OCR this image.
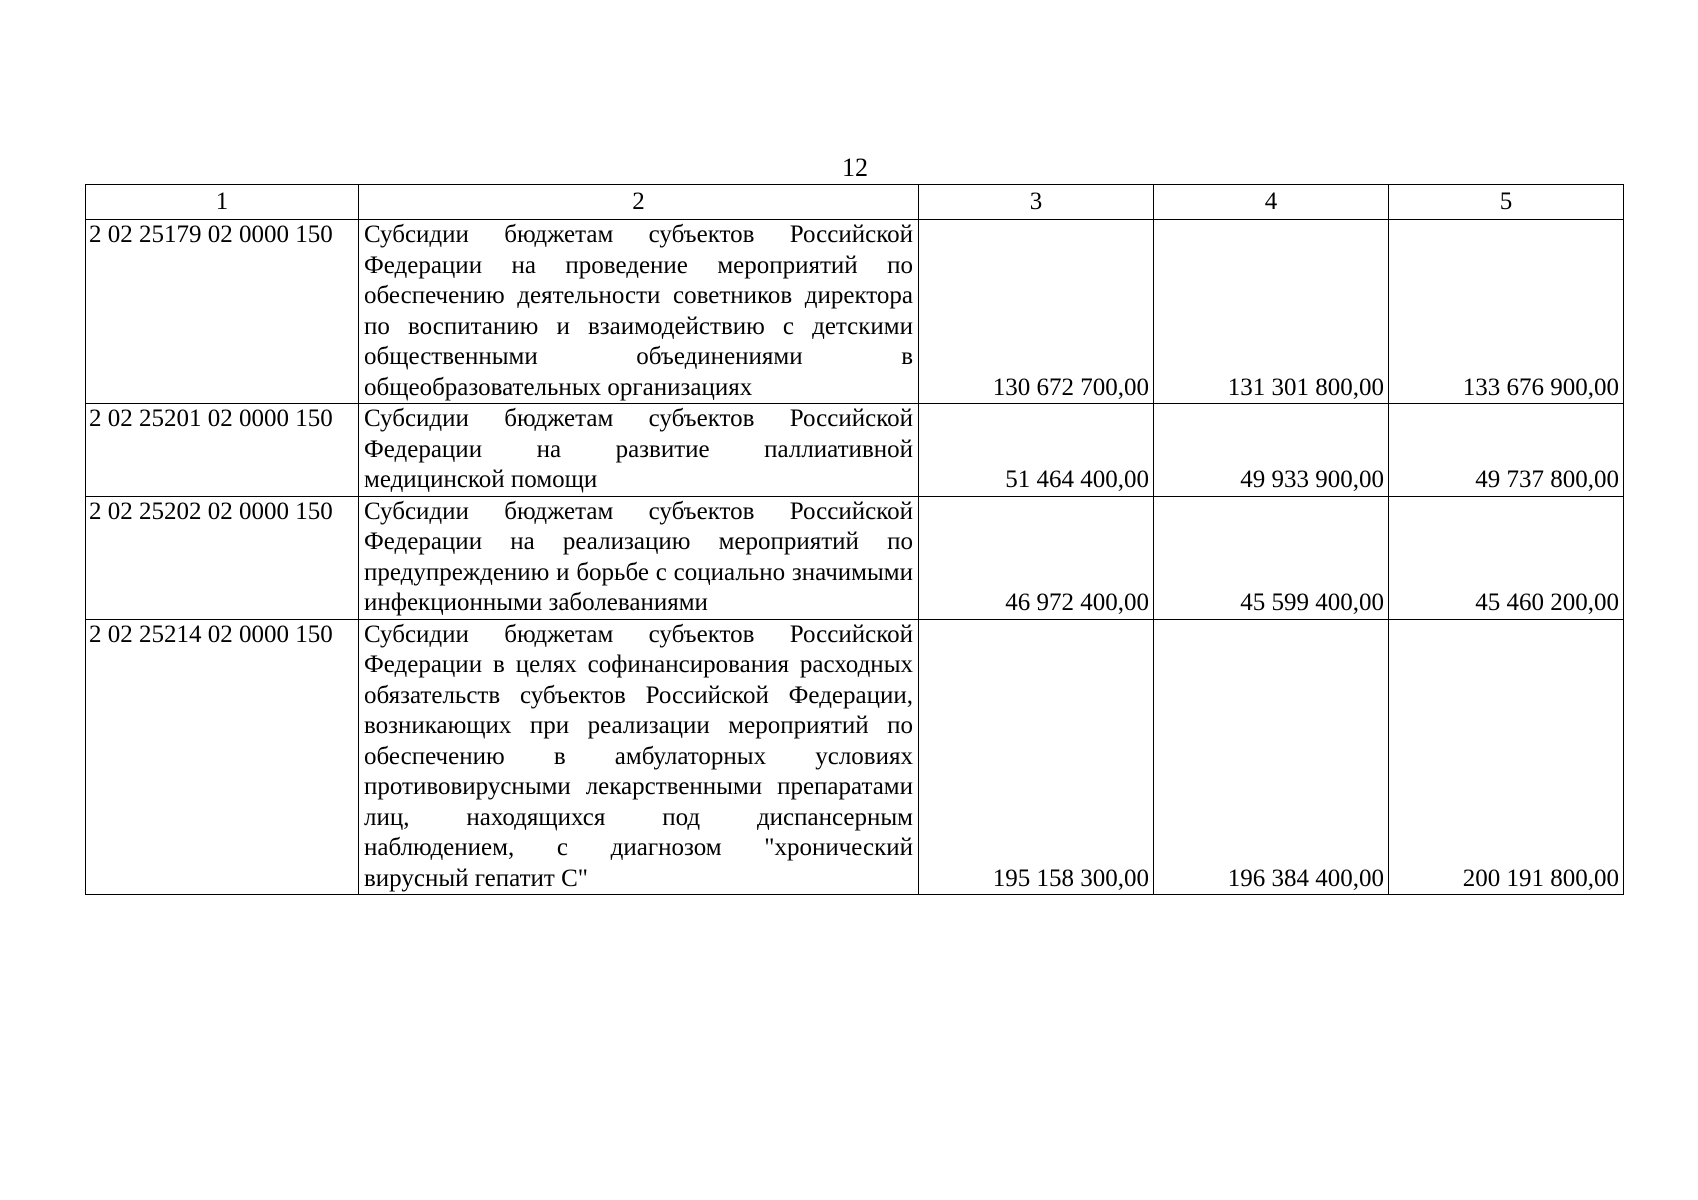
12
1	2	3	4	5
2 02 25179 02 0000 150	Субсидии бюджетам субъектов Российской Федерации на проведение мероприятий по обеспечению деятельности советников директора по воспитанию и взаимодействию с детскими общественными объединениями в общеобразовательных организациях	130 672 700,00	131 301 800,00	133 676 900,00
2 02 25201 02 0000 150	Субсидии бюджетам субъектов Российской Федерации на развитие паллиативной медицинской помощи	51 464 400,00	49 933 900,00	49 737 800,00
2 02 25202 02 0000 150	Субсидии бюджетам субъектов Российской Федерации на реализацию мероприятий по предупреждению и борьбе с социально значимыми инфекционными заболеваниями	46 972 400,00	45 599 400,00	45 460 200,00
2 02 25214 02 0000 150	Субсидии бюджетам субъектов Российской Федерации в целях софинансирования расходных обязательств субъектов Российской Федерации, возникающих при реализации мероприятий по обеспечению в амбулаторных условиях противовирусными лекарственными препаратами лиц, находящихся под диспансерным наблюдением, с диагнозом "хронический вирусный гепатит С"	195 158 300,00	196 384 400,00	200 191 800,00
